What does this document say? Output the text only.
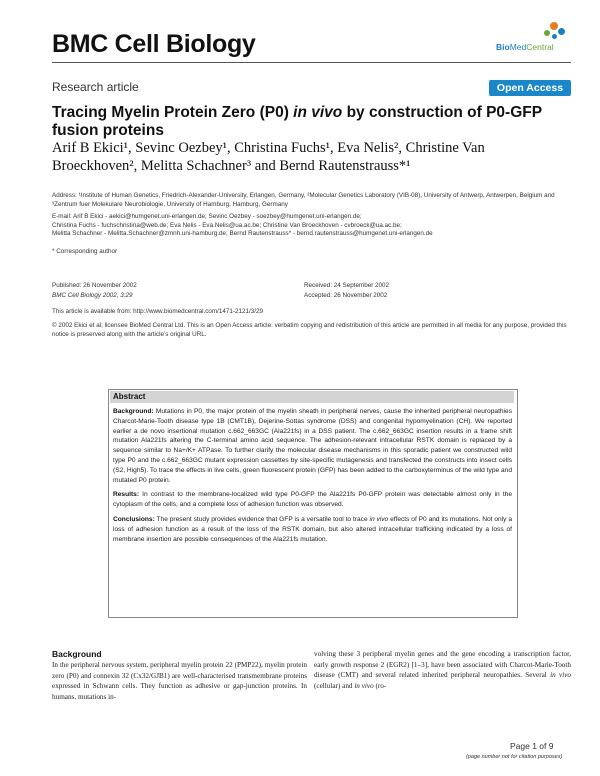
BMC Cell Biology	BioMedCentral
Research article	Open Access
Tracing Myelin Protein Zero (P0) in vivo by construction of P0-GFP fusion proteins
Arif B Ekici¹, Sevinc Oezbey¹, Christina Fuchs¹, Eva Nelis², Christine Van Broeckhoven², Melitta Schachner³ and Bernd Rautenstrauss*¹
Address: ¹Institute of Human Genetics, Friedrich-Alexander-University, Erlangen, Germany, ²Molecular Genetics Laboratory (VIB-08), University of Antwerp, Antwerpen, Belgium and ³Zentrum fuer Molekulare Neurobiologie, University of Hamburg, Hamburg, Germany
E-mail: Arif B Ekici - aekici@humgenet.uni-erlangen.de; Sevinc Oezbey - soezbey@humgenet.uni-erlangen.de;
Christina Fuchs - fuchschristina@web.de; Eva Nelis - Eva.Nelis@ua.ac.be; Christine Van Broeckhoven - cvbroeck@ua.ac.be;
Melitta Schachner - Melitta.Schachner@zmnh.uni-hamburg.de; Bernd Rautenstrauss* - bernd.rautenstrauss@humgenet.uni-erlangen.de
* Corresponding author
Published: 26 November 2002
BMC Cell Biology 2002, 3:29
Received: 24 September 2002
Accepted: 26 November 2002
This article is available from: http://www.biomedcentral.com/1471-2121/3/29
© 2002 Ekici et al; licensee BioMed Central Ltd. This is an Open Access article: verbatim copying and redistribution of this article are permitted in all media for any purpose, provided this notice is preserved along with the article's original URL.
Abstract

Background: Mutations in P0, the major protein of the myelin sheath in peripheral nerves, cause the inherited peripheral neuropathies Charcot-Marie-Tooth disease type 1B (CMT1B), Dejerine-Sottas syndrome (DSS) and congenital hypomyelination (CH). We reported earlier a de novo insertional mutation c.662_663GC (Ala221fs) in a DSS patient. The c.662_663GC insertion results in a frame shift mutation Ala221fs altering the C-terminal amino acid sequence. The adhesion-relevant intracellular RSTK domain is replaced by a sequence similar to Na+/K+ ATPase. To further clarify the molecular disease mechanisms in this sporadic patient we constructed wild type P0 and the c.662_663GC mutant expression cassettes by site-specific mutagenesis and transfected the constructs into insect cells (S2, High5). To trace the effects in live cells, green fluorescent protein (GFP) has been added to the carboxyterminus of the wild type and mutated P0 protein.

Results: In contrast to the membrane-localized wild type P0-GFP the Ala221fs P0-GFP protein was detectable almost only in the cytoplasm of the cells, and a complete loss of adhesion function was observed.

Conclusions: The present study provides evidence that GFP is a versatile tool to trace in vivo effects of P0 and its mutations. Not only a loss of adhesion function as a result of the loss of the RSTK domain, but also altered intracellular trafficking indicated by a loss of membrane insertion are possible consequences of the Ala221fs mutation.

Background
In the peripheral nervous system, peripheral myelin protein 22 (PMP22), myelin protein zero (P0) and connexin 32 (Cx32/GJB1) are well-characterised transmembrane proteins expressed in Schwann cells. They function as adhesive or gap-junction proteins. In humans, mutations in-
volving these 3 peripheral myelin genes and the gene encoding a transcription factor, early growth response 2 (EGR2) [1–3], have been associated with Charcot-Marie-Tooth disease (CMT) and several related inherited peripheral neuropathies. Several in vivo (cellular) and in vivo (ro-
Page 1 of 9
(page number not for citation purposes)
